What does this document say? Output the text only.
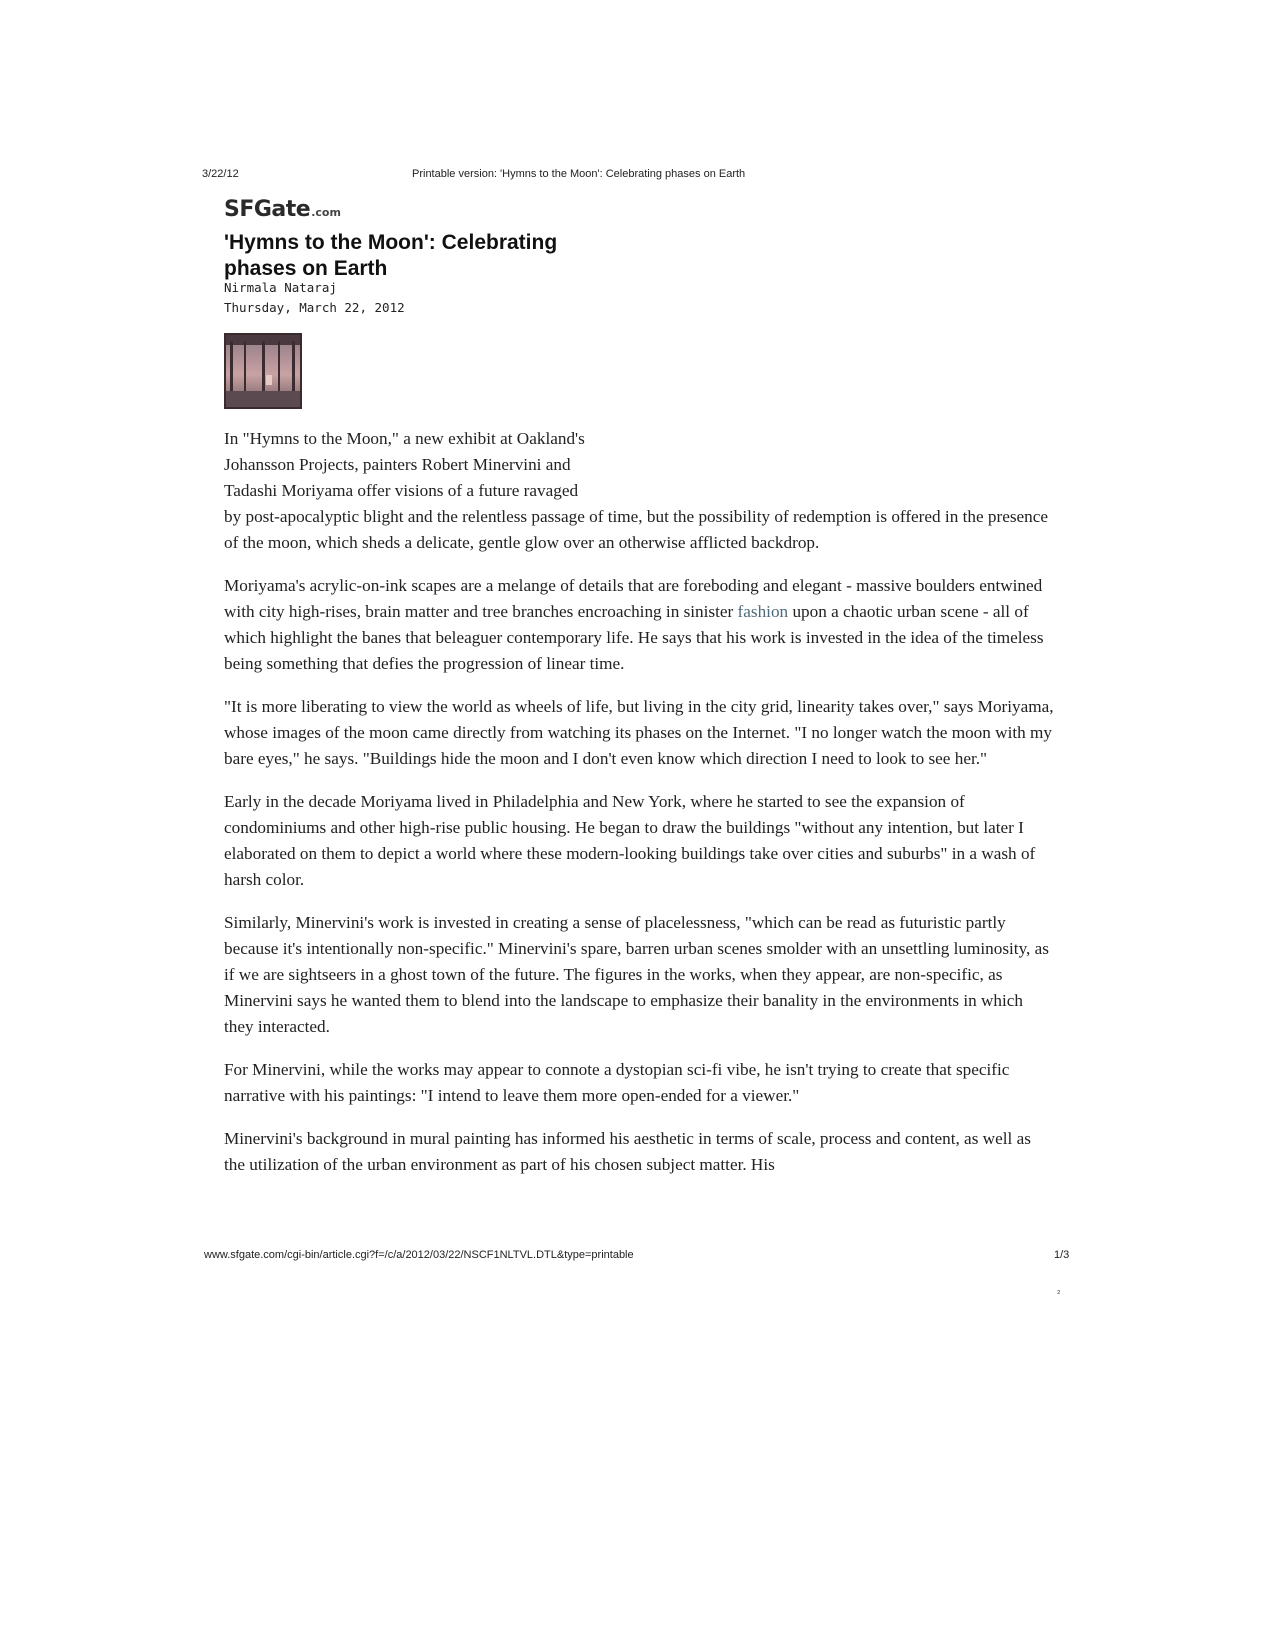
3/22/12	Printable version: 'Hymns to the Moon': Celebrating phases on Earth
SFGate .com
'Hymns to the Moon': Celebrating phases on Earth
Nirmala Nataraj
Thursday, March 22, 2012

In "Hymns to the Moon," a new exhibit at Oakland's
Johansson Projects, painters Robert Minervini and
Tadashi Moriyama offer visions of a future ravaged
by post-apocalyptic blight and the relentless passage of time, but the possibility of redemption is offered in the presence of the moon, which sheds a delicate, gentle glow over an otherwise afflicted backdrop.

Moriyama's acrylic-on-ink scapes are a melange of details that are foreboding and elegant - massive boulders entwined with city high-rises, brain matter and tree branches encroaching in sinister fashion upon a chaotic urban scene - all of which highlight the banes that beleaguer contemporary life. He says that his work is invested in the idea of the timeless being something that defies the progression of linear time.

"It is more liberating to view the world as wheels of life, but living in the city grid, linearity takes over," says Moriyama, whose images of the moon came directly from watching its phases on the Internet. "I no longer watch the moon with my bare eyes," he says. "Buildings hide the moon and I don't even know which direction I need to look to see her."

Early in the decade Moriyama lived in Philadelphia and New York, where he started to see the expansion of condominiums and other high-rise public housing. He began to draw the buildings "without any intention, but later I elaborated on them to depict a world where these modern-looking buildings take over cities and suburbs" in a wash of harsh color.

Similarly, Minervini's work is invested in creating a sense of placelessness, "which can be read as futuristic partly because it's intentionally non-specific." Minervini's spare, barren urban scenes smolder with an unsettling luminosity, as if we are sightseers in a ghost town of the future. The figures in the works, when they appear, are non-specific, as Minervini says he wanted them to blend into the landscape to emphasize their banality in the environments in which they interacted.

For Minervini, while the works may appear to connote a dystopian sci-fi vibe, he isn't trying to create that specific narrative with his paintings: "I intend to leave them more open-ended for a viewer."

Minervini's background in mural painting has informed his aesthetic in terms of scale, process and content, as well as the utilization of the urban environment as part of his chosen subject matter. His

www.sfgate.com/cgi-bin/article.cgi?f=/c/a/2012/03/22/NSCF1NLTVL.DTL&type=printable	1/3
₂
